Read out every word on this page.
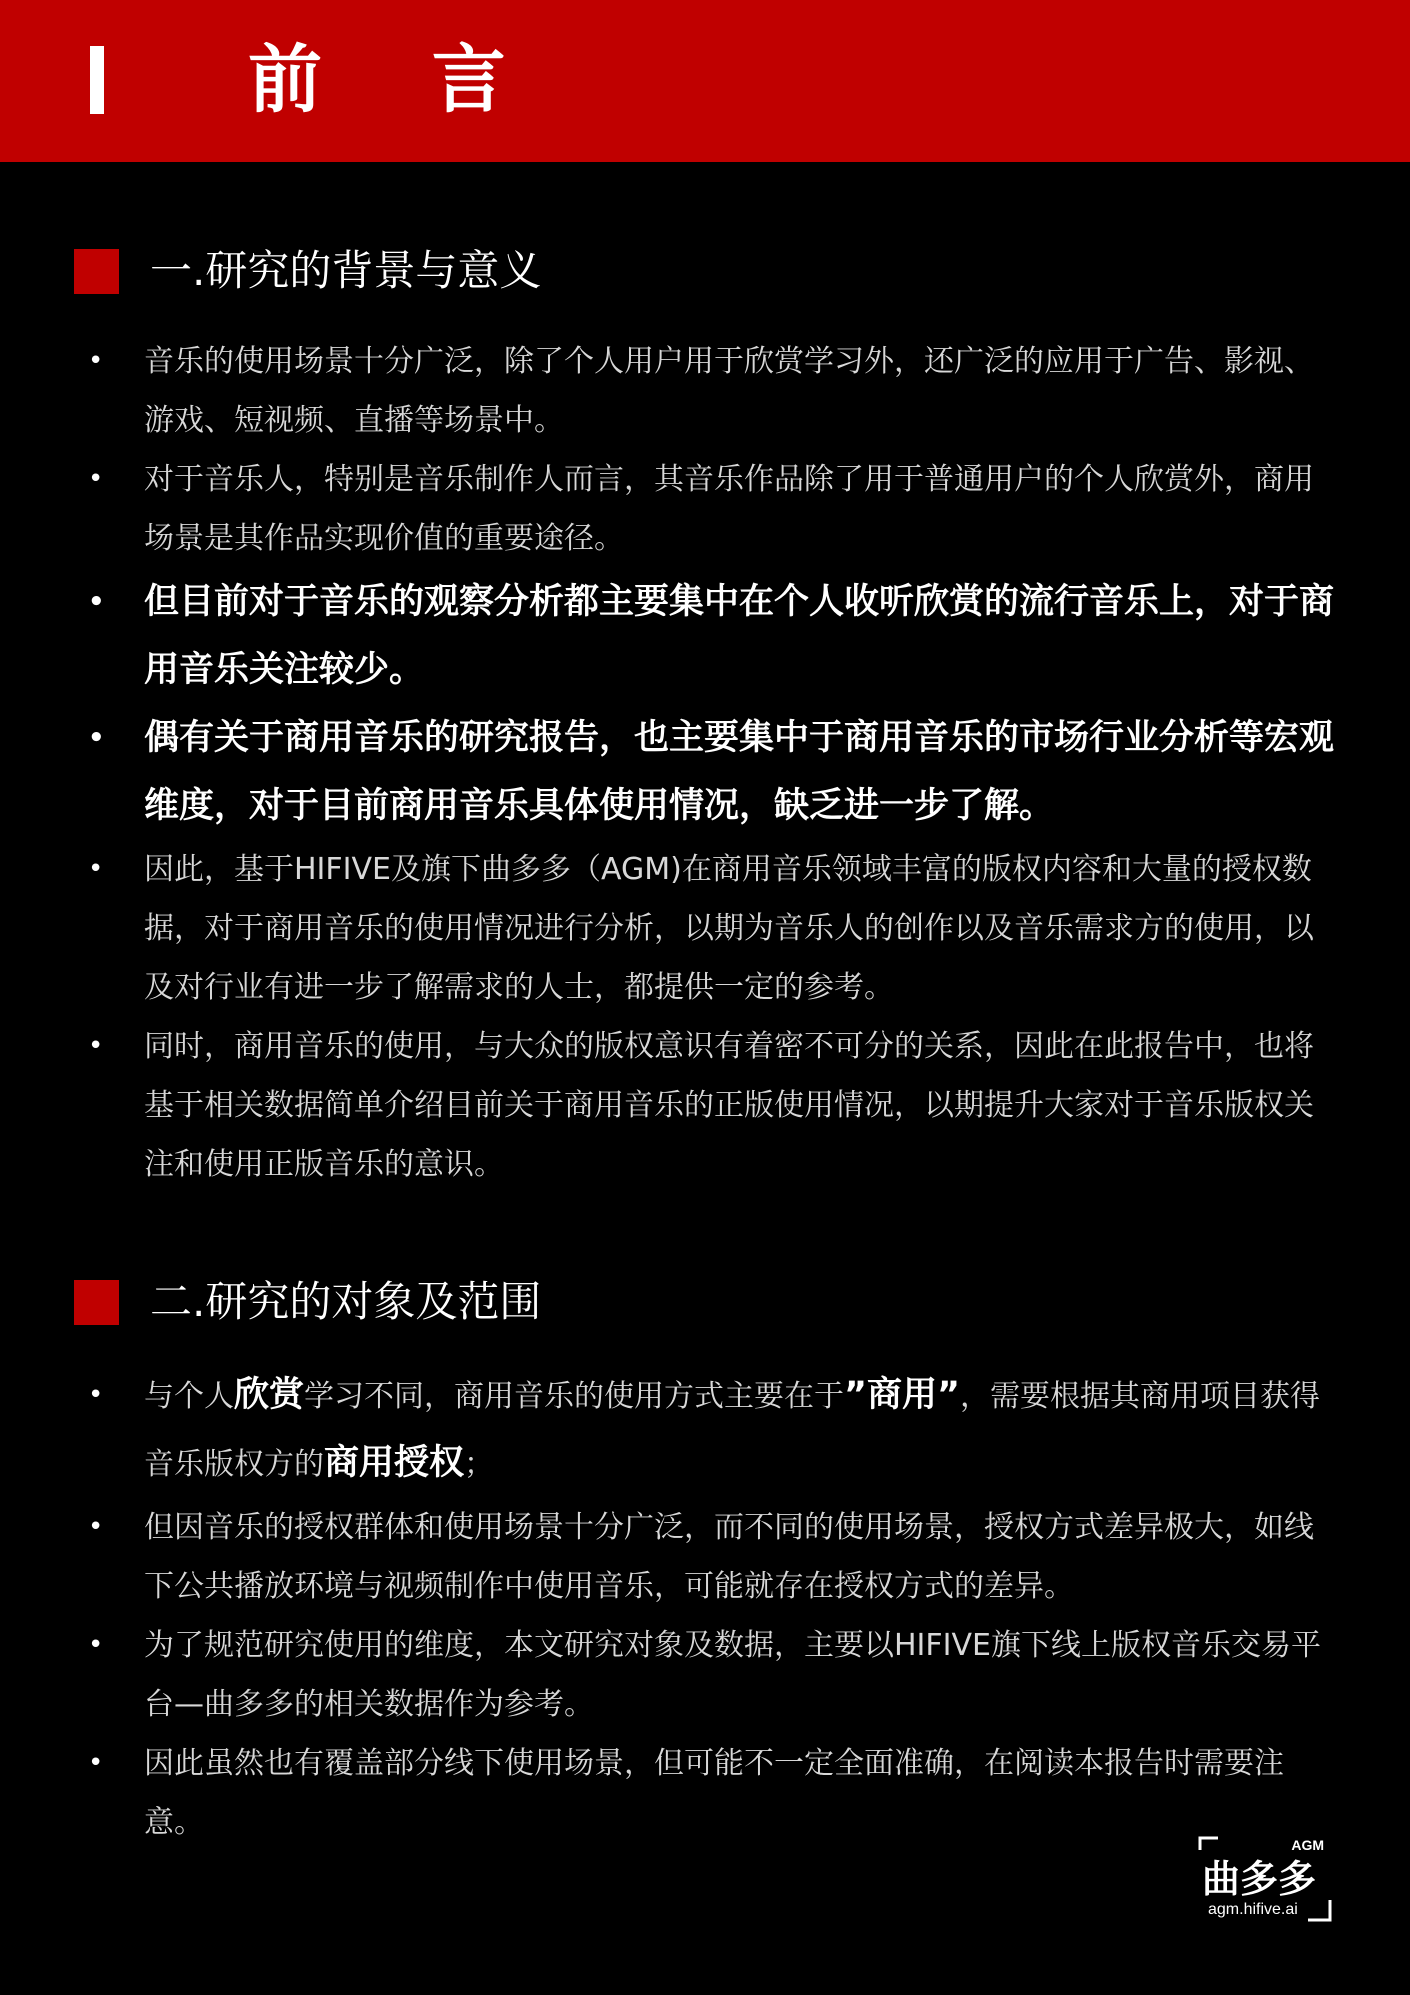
前 言
一.研究的背景与意义
• 音乐的使用场景十分广泛，除了个人用户用于欣赏学习外，还广泛的应用于广告、影视、游戏、短视频、直播等场景中。
• 对于音乐人，特别是音乐制作人而言，其音乐作品除了用于普通用户的个人欣赏外，商用场景是其作品实现价值的重要途径。
• 但目前对于音乐的观察分析都主要集中在个人收听欣赏的流行音乐上，对于商用音乐关注较少。
• 偶有关于商用音乐的研究报告，也主要集中于商用音乐的市场行业分析等宏观维度，对于目前商用音乐具体使用情况，缺乏进一步了解。
• 因此，基于HIFIVE及旗下曲多多（AGM)在商用音乐领域丰富的版权内容和大量的授权数据，对于商用音乐的使用情况进行分析，以期为音乐人的创作以及音乐需求方的使用，以及对行业有进一步了解需求的人士，都提供一定的参考。
• 同时，商用音乐的使用，与大众的版权意识有着密不可分的关系，因此在此报告中，也将基于相关数据简单介绍目前关于商用音乐的正版使用情况，以期提升大家对于音乐版权关注和使用正版音乐的意识。
二.研究的对象及范围
• 与个人欣赏学习不同，商用音乐的使用方式主要在于”商用”，需要根据其商用项目获得音乐版权方的商用授权；
• 但因音乐的授权群体和使用场景十分广泛，而不同的使用场景，授权方式差异极大，如线下公共播放环境与视频制作中使用音乐，可能就存在授权方式的差异。
• 为了规范研究使用的维度，本文研究对象及数据，主要以HIFIVE旗下线上版权音乐交易平台—曲多多的相关数据作为参考。
• 因此虽然也有覆盖部分线下使用场景，但可能不一定全面准确，在阅读本报告时需要注意。
AGM
曲多多
agm.hifive.ai
